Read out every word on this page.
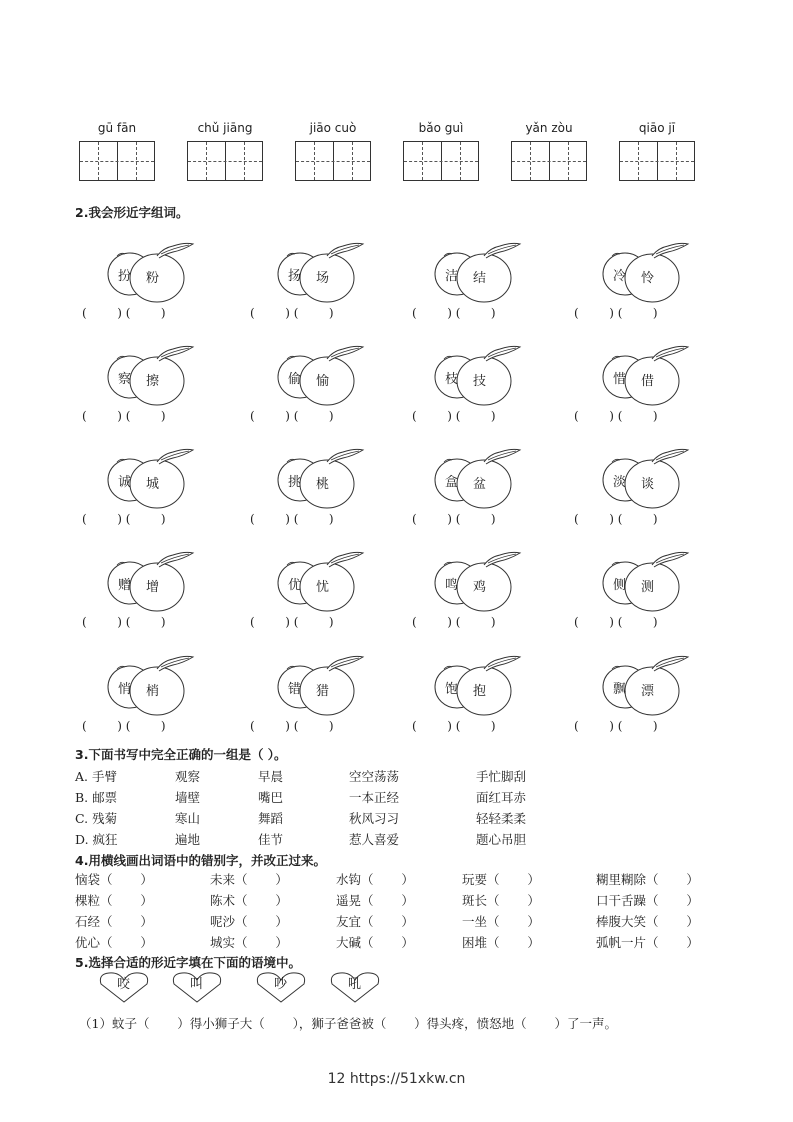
gū fān	chǔ jiāng	jiāo cuò	bǎo guì	yǎn zòu	qiāo jī
2.我会形近字组词。
扮 粉
(        ) (        )
扬 场
(        ) (        )
洁 结
(        ) (        )
冷 怜
(        ) (        )
察 擦
(        ) (        )
偷 愉
(        ) (        )
枝 技
(        ) (        )
惜 借
(        ) (        )
诚 城
(        ) (        )
挑 桃
(        ) (        )
盒 盆
(        ) (        )
淡 谈
(        ) (        )
赠 增
(        ) (        )
优 忧
(        ) (        )
鸣 鸡
(        ) (        )
侧 测
(        ) (        )
悄 梢
(        ) (        )
错 猎
(        ) (        )
饱 抱
(        ) (        )
飘 漂
(        ) (        )
3.下面书写中完全正确的一组是（ ）。
A. 手臂	观察	早晨	空空荡荡	手忙脚刮
B. 邮票	墙壁	嘴巴	一本正经	面红耳赤
C. 残菊	寒山	舞蹈	秋风习习	轻轻柔柔
D. 疯狂	遍地	佳节	惹人喜爱	题心吊胆
4.用横线画出词语中的错别字，并改正过来。
恼袋（       ）	未来（       ）	水钩（       ）	玩要（       ）	糊里糊除（       ）
棵粒（       ）	陈术（       ）	遥晃（       ）	斑长（       ）	口干舌躁（       ）
石经（       ）	呢沙（       ）	友宜（       ）	一坐（       ）	棒腹大笑（       ）
优心（       ）	城实（       ）	大碱（       ）	困堆（       ）	弧帆一片（       ）
5.选择合适的形近字填在下面的语境中。
咬	叫	吵	吼
（1）蚊子（       ）得小狮子大（       ），狮子爸爸被（       ）得头疼，愤怒地（       ）了一声。
12 https://51xkw.cn
